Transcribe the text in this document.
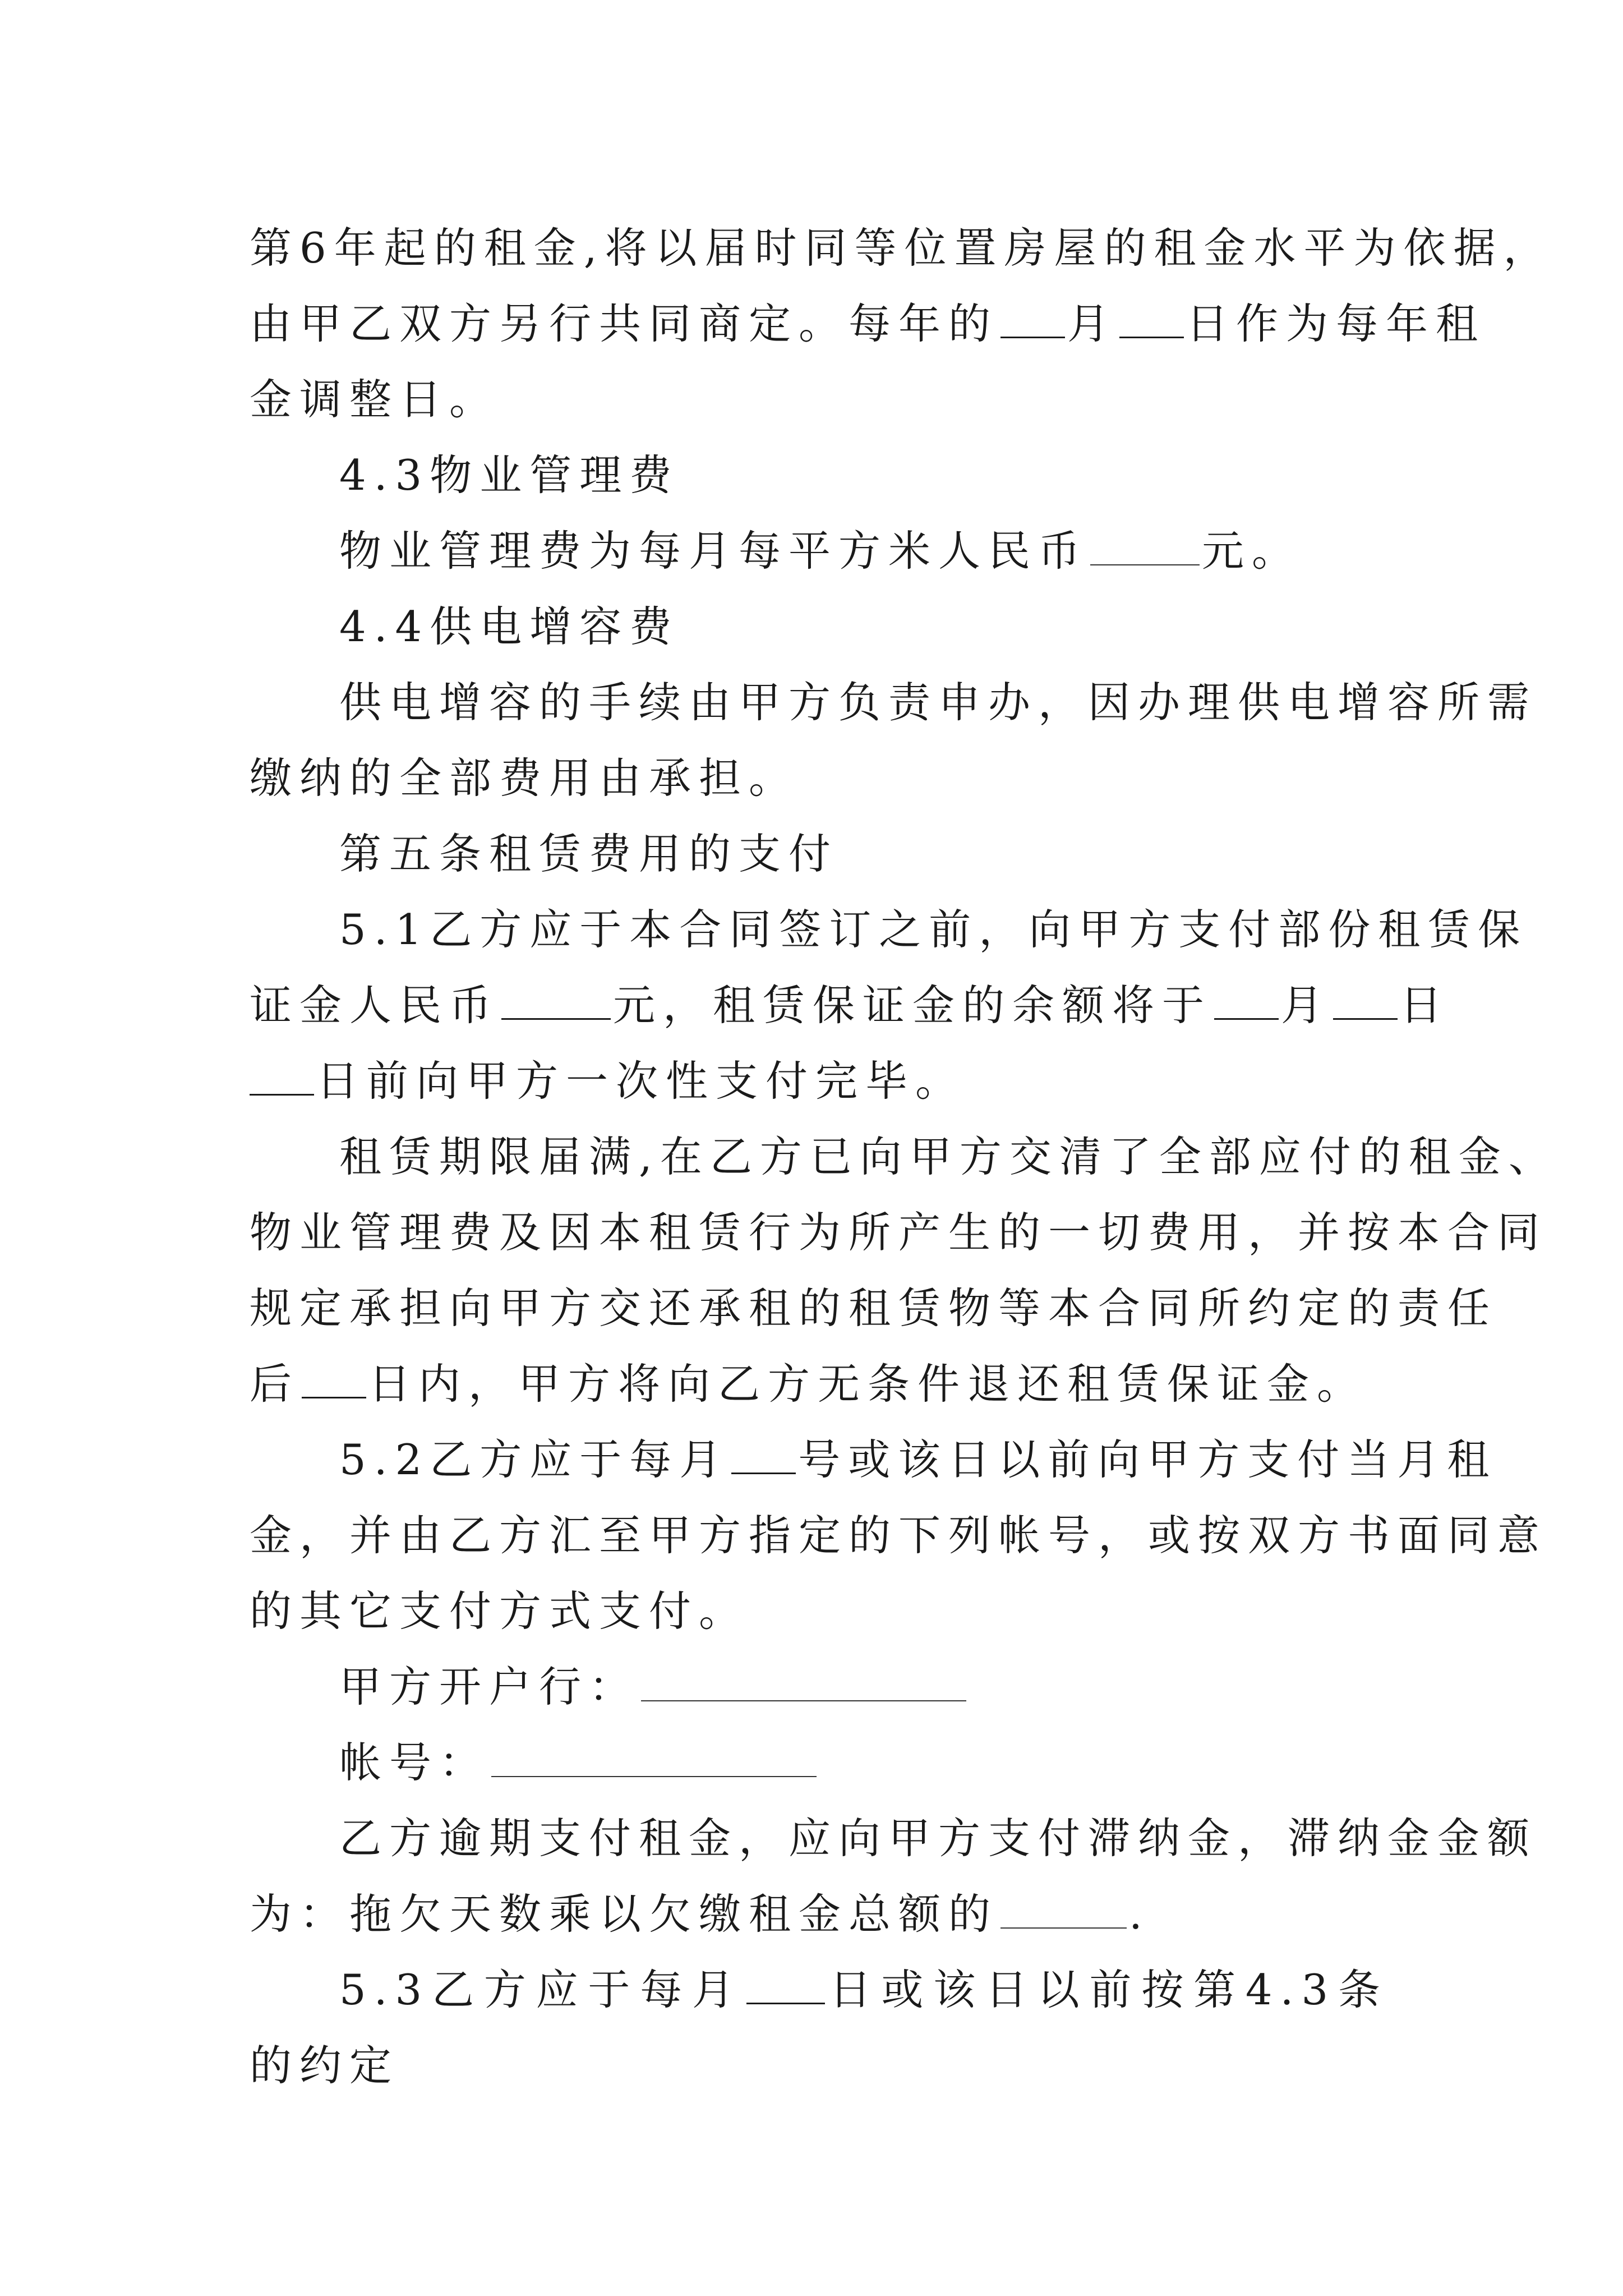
第6年起的租金,将以届时同等位置房屋的租金水平为依据，
由甲乙双方另行共同商定。每年的 月 日作为每年租
金调整日。

4.3物业管理费

物业管理费为每月每平方米人民币	元。

4.4供电增容费

供电增容的手续由甲方负责申办，因办理供电增容所需
缴纳的全部费用由承担。

第五条租赁费用的支付

5.1乙方应于本合同签订之前，向甲方支付部份租赁保
证金人民币	元，租赁保证金的余额将于 月 日
日前向甲方一次性支付完毕。

租赁期限届满,在乙方已向甲方交清了全部应付的租金、
物业管理费及因本租赁行为所产生的一切费用，并按本合同
规定承担向甲方交还承租的租赁物等本合同所约定的责任
后 日内，甲方将向乙方无条件退还租赁保证金。

5.2乙方应于每月 号或该日以前向甲方支付当月租
金，并由乙方汇至甲方指定的下列帐号，或按双方书面同意
的其它支付方式支付。

甲方开户行：

帐号：

乙方逾期支付租金，应向甲方支付滞纳金，滞纳金金额
为：拖欠天数乘以欠缴租金总额的	.

5.3乙方应于每月 日或该日以前按第4.3条的约定
